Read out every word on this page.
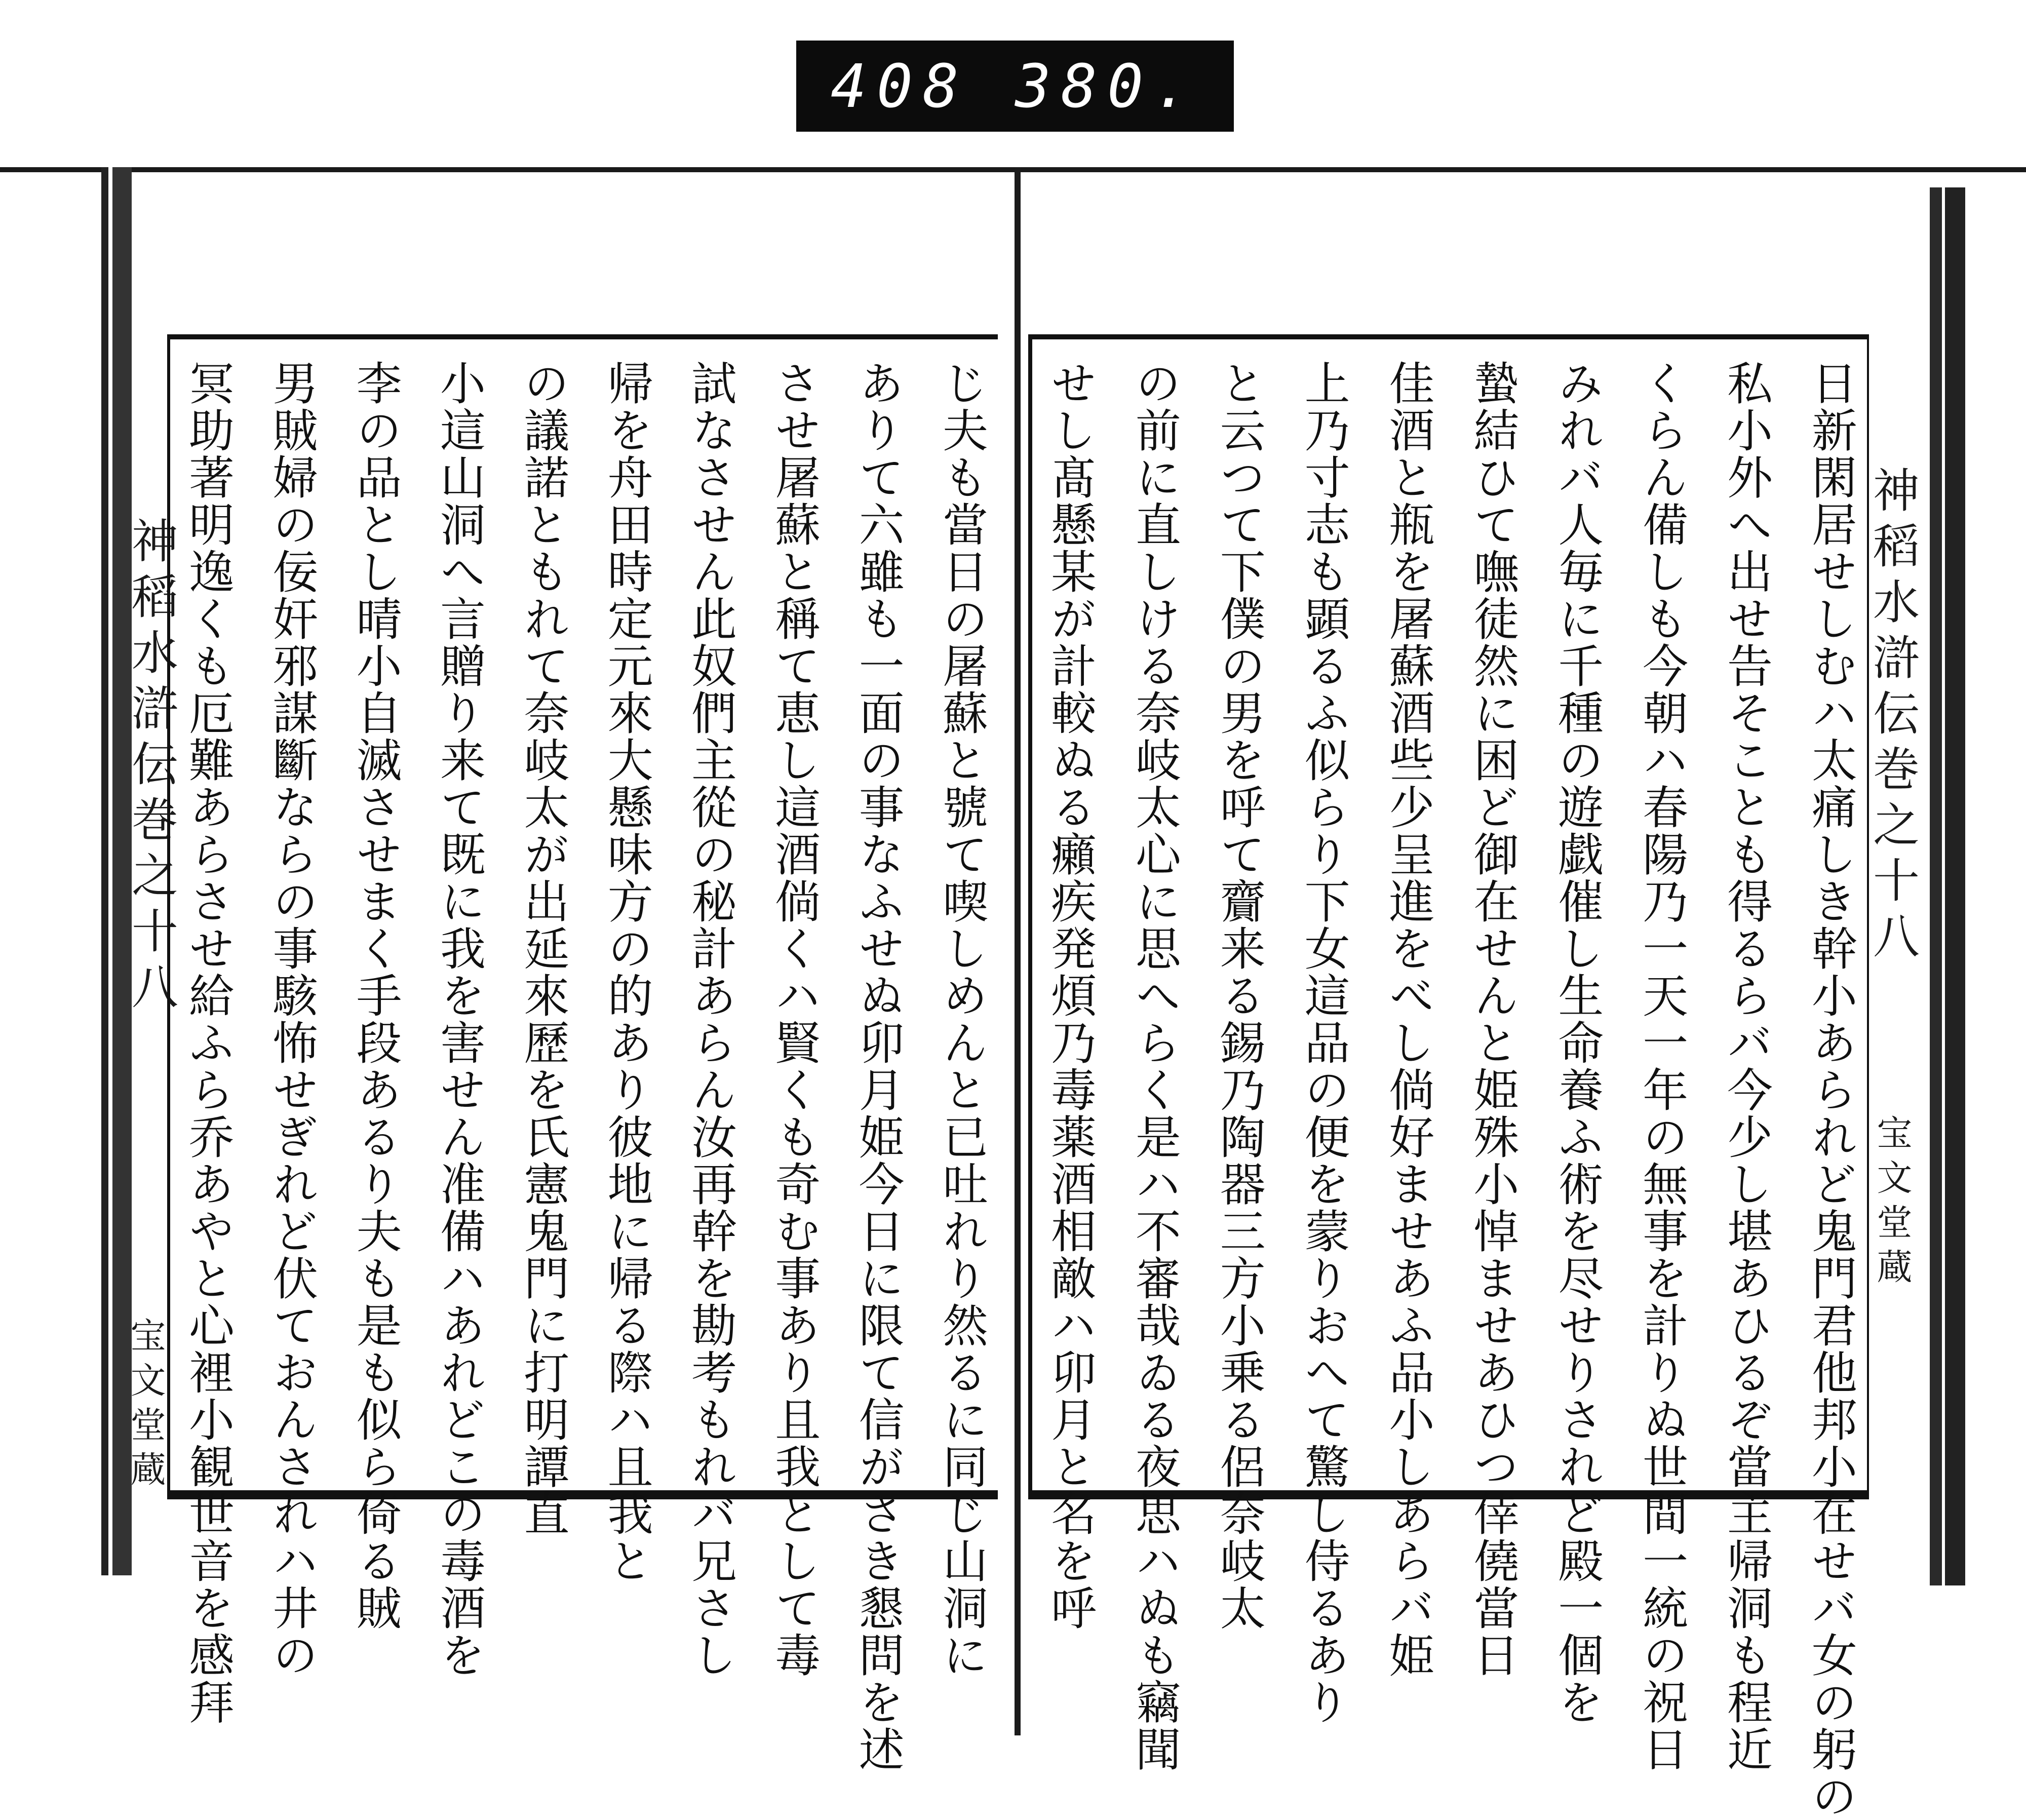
408 380.
神稻水滸伝巻之十八	神稻水滸伝巻之十八
じ夫も當日の屠蘇と號て喫しめんと已吐れり然るに同じ山洞に
ありて六雖も一面の事なふせぬ卯月姫今日に限て信がさき懇問を述
させ屠蘇と稱て恵し這酒倘くハ賢くも奇む事あり且我として毒
試なさせん此奴們主從の秘計あらん汝再幹を勘考もれバ兄さし
帰を舟田時定元來大懸味方の的あり彼地に帰る際ハ且我と
の議諾ともれて奈岐太が出延來歷を氏憲鬼門に打明譚直
小這山洞へ言贈り来て既に我を害せん准備ハあれどこの毒酒を
李の品とし晴小自滅させまく手段あるり夫も是も似ら倚る賊
男賊婦の佞奸邪謀斷ならの事駭怖せぎれど伏ておんされハ井の
冥助著明逸くも厄難あらさせ給ふら乔あやと心裡小観世音を感拜	日新閑居せしむハ太痛しき幹小あられど鬼門君他邦小在せバ女の躬の
私小外へ出せ告そことも得るらバ今少し堪あひるぞ當主帰洞も程近
くらん備しも今朝ハ春陽乃一天一年の無事を計りぬ世間一統の祝日
みれバ人毎に千種の遊戯催し生命養ふ術を尽せりされど殿一個を
蟄結ひて嘸徒然に困ど御在せんと姫殊小悼ませあひつ倖僥當日
佳酒と瓶を屠蘇酒些少呈進をべし倘好ませあふ品小しあらバ姫
上乃寸志も顕るふ似らり下女這品の便を蒙りおへて驚し侍るあり
と云つて下僕の男を呼て齎来る錫乃陶器三方小乗る侶奈岐太
の前に直しける奈岐太心に思へらく是ハ不審哉ゐる夜思ハぬも竊聞
せし髙懸某が計較ぬる癩疾発煩乃毒薬酒相敵ハ卯月と名を呼
宝文堂蔵
宝文堂蔵
